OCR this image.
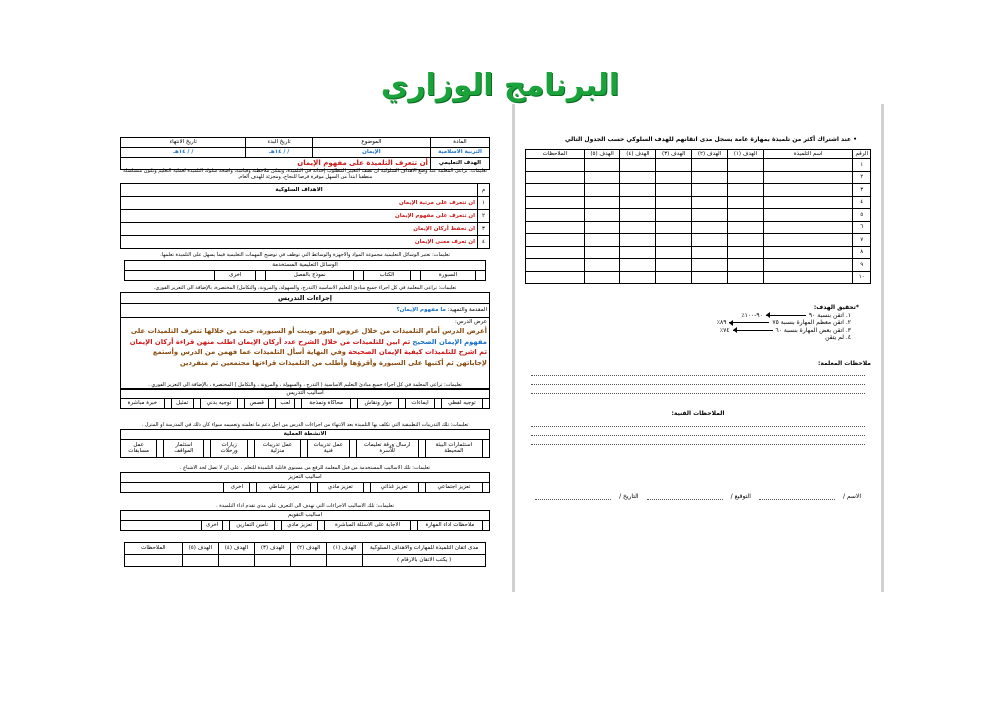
البرنامج الوزاري
المادة	الموضوع	تاريخ البدء	تاريخ الانتهاء
التربية الاسلامية	الإيمان	/ / ١٤هـ	/ / ١٤هـ
الهدف التعليمي	أن تتعرف التلميذة على مفهوم الإيمان		
تعليمات: تراعى المعلمة عند وضع الاهداف السلوكية ان تصف التغيير المطلوب إحداثه في التلميذة، ويمكن ملاحظته وقياسه، واضحة سلوك التلميذة لعملية التعليم وتكون متسلسلة منطقيا ابتدأ من السهل موفرة فرصا للنجاح، ومجزئة للهدف العام.
م	الاهداف السلوكية
١	ان تتعرف على مرتبة الإيمان
٢	ان تتعرف على مفهوم الإيمان
٣	ان تحفظ أركان الإيمان
٤	ان تعرف معنى الإيمان
تعليمات: تعتبر الوسائل التعليمية مجموعة المواد والاجهزة والوسائط التي توظف في توضيح المهمات التعليمية فيما يسهل على التلميذة تعلمها.
الوسائل التعليمية المستخدمة
	السبورة		الكتاب		نموذج بالفصل		اخرى	
تعليمات: تراعى المعلمة في كل اجراء جميع مبادئ التعليم الاساسية (التدرج، والسهولة، والمرونة، والتكامل) المختصرة، بالإضافة الى التعزيز الفوري.
إجراءات التدريس
المقدمة والتمهيد: ما مفهوم الإيمان؟

عرض الدرس:
أعرض الدرس أمام التلميذات من خلال عروض البور بوينت أو السبورة، حيث من خلالها تتعرف التلميذات على مفهوم الإيمان الصحيح ثم ابين للتلميذات من خلال الشرح عدد أركان الإيمان اطلب منهن قراءة أركان الإيمان ثم اشرح للتلميذات كيفية الإيمان الصحيحة وفي النهاية أسأل التلميذات عما فهمن من الدرس وأستمع لإجاباتهن ثم أكتبها على السبورة وأقرؤها وأطلب من التلميذات قراءتها مجتمعين ثم منفردين
تعليمات: تراعى المعلمة في كل اجراء جميع مبادئ التعليم الاساسية ( التدرج ، والسهولة ، والمرونة ، والتكامل ) المختصرة ، بالإضافة الى التعزيز الفوري .
اساليب التدريس
	توجيه لفظي		ايماءات		حوار ونقاش		محاكاة ونمذجة		لعب		قصص		توجيه بدني		تمثيل		خبرة مباشرة
تعليمات: تلك التدريبات التطبيقية التي تكلف بها التلميذة بعد الانتهاء من اجراءات الدرس من اجل دعم ما تعلمته وتعميمه سواء كان ذلك في المدرسة او المنزل .
الانشطة العملية
	استثمارات البيئة المحيطة		ارسال ورقة تعليمات للأسرة		عمل تدريبات فنية		عمل تدريبات منزلية		زيارات ورحلات		استثمار المواقف		عمل مسابقات
تعليمات: تلك الاساليب المستخدمة من قبل المعلمة للرفع من مستوى قابلية التلميذة للتعلم ، على ان لا تصل لحد الاشباع .
اساليب التعزيز
	تعزيز اجتماعي		تعزيز غذائي		تعزيز مادي		تعزيز نشاطي		اخرى	
تعليمات: تلك الاساليب الاجراءات التي تهدف الى التعرف على مدى تقدم اداء التلميذة .
اساليب التقويم
	ملاحظات اداء المهارة		الاجابة على الاسئلة المباشرة		تعزيز مادي		تأمين التمارين		اخرى	
مدى اتقان التلميذة للمهارات والاهداف السلوكية	الهدف (١)	الهدف (٢)	الهدف (٣)	الهدف (٤)	الهدف (٥)	الملاحظات
( يكتب الاتقان بالارقام )						
• عند اشتراك أكثر من تلميذة بمهارة عامة يسجل مدى اتقانهم للهدف السلوكي حسب الجدول التالي
الرقم	اسم التلميذة	الهدف (١)	الهدف (٢)	الهدف (٣)	الهدف (٤)	الهدف (٥)	الملاحظات
١							
٢							
٣							
٤							
٥							
٦							
٧							
٨							
٩							
١٠							
*تحقيق الهدف:
١. اتقن بنسبة ٩٠٩٠-١٠٠٪
٢. اتقن معظم المهارة بنسبة ٧٥٨٩٪
٣. اتقن بعض المهارة بنسبة ٦٠٧٤٪
٤. لم يتقن
ملاحظات المعلمة:
الملاحظات الفنية:
الاسم /
التوقيع /
التاريخ /
